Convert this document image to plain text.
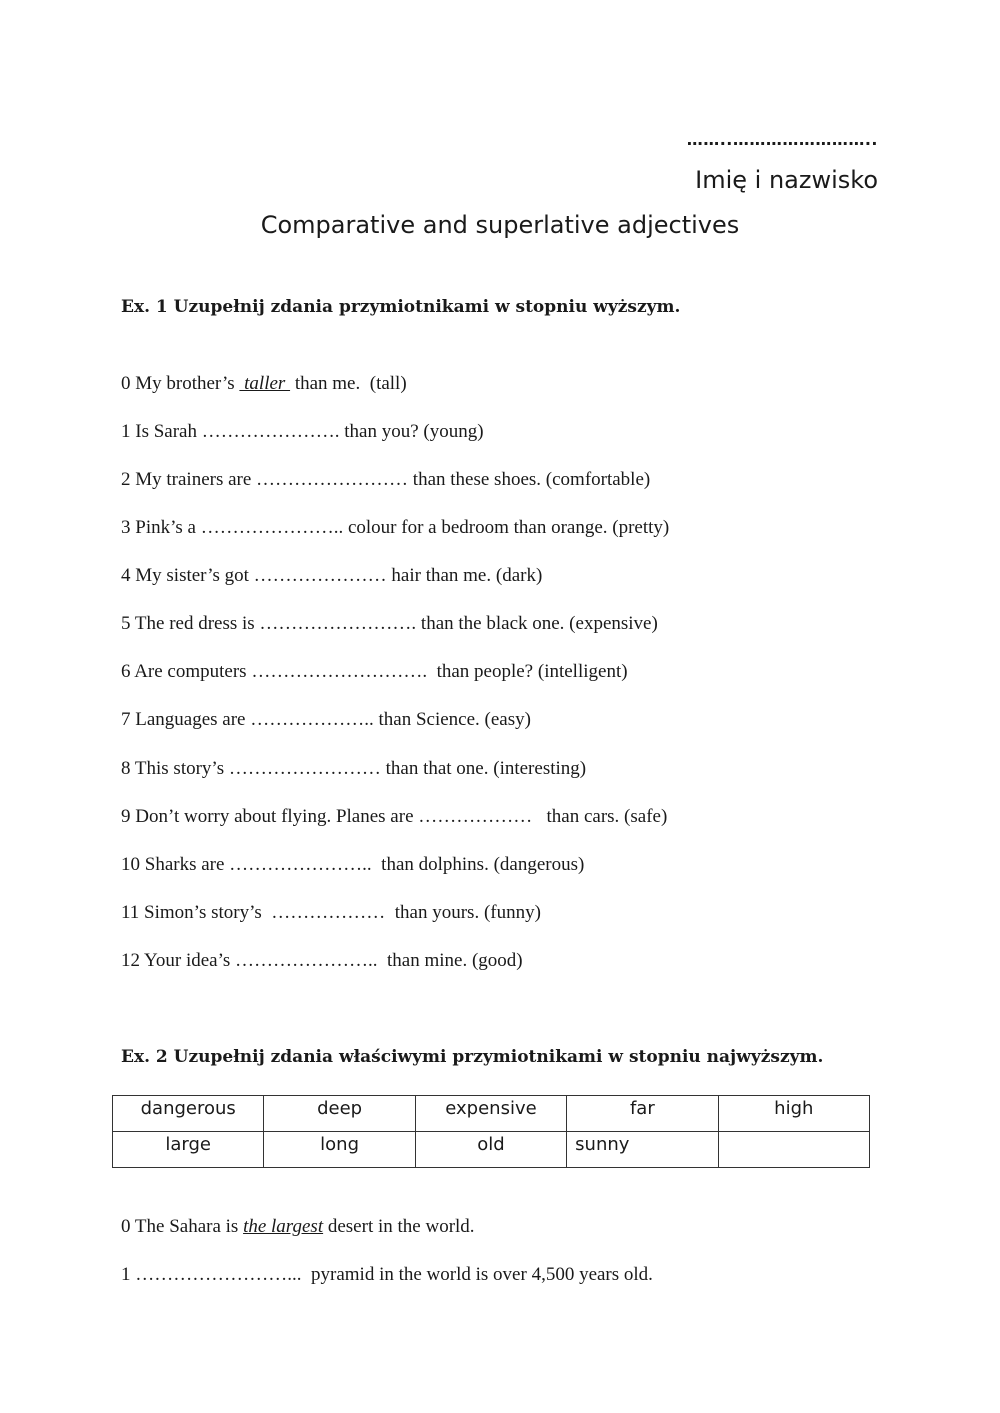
……..……………………..
Imię i nazwisko
Comparative and superlative adjectives
Ex. 1 Uzupełnij zdania przymiotnikami w stopniu wyższym.
0 My brother’s  taller  than me.  (tall)
1 Is Sarah …………………. than you? (young)
2 My trainers are …………………… than these shoes. (comfortable)
3 Pink’s a ………………….. colour for a bedroom than orange. (pretty)
4 My sister’s got ………………… hair than me. (dark)
5 The red dress is ……………………. than the black one. (expensive)
6 Are computers ……………………….  than people? (intelligent)
7 Languages are ……………….. than Science. (easy)
8 This story’s …………………… than that one. (interesting)
9 Don’t worry about flying. Planes are ………………   than cars. (safe)
10 Sharks are …………………..  than dolphins. (dangerous)
11 Simon’s story’s  ………………  than yours. (funny)
12 Your idea’s …………………..  than mine. (good)
Ex. 2 Uzupełnij zdania właściwymi przymiotnikami w stopniu najwyższym.
dangerous	deep	expensive	far	high
large	long	old	sunny	
0 The Sahara is the largest desert in the world.
1 ……………………...  pyramid in the world is over 4,500 years old.
